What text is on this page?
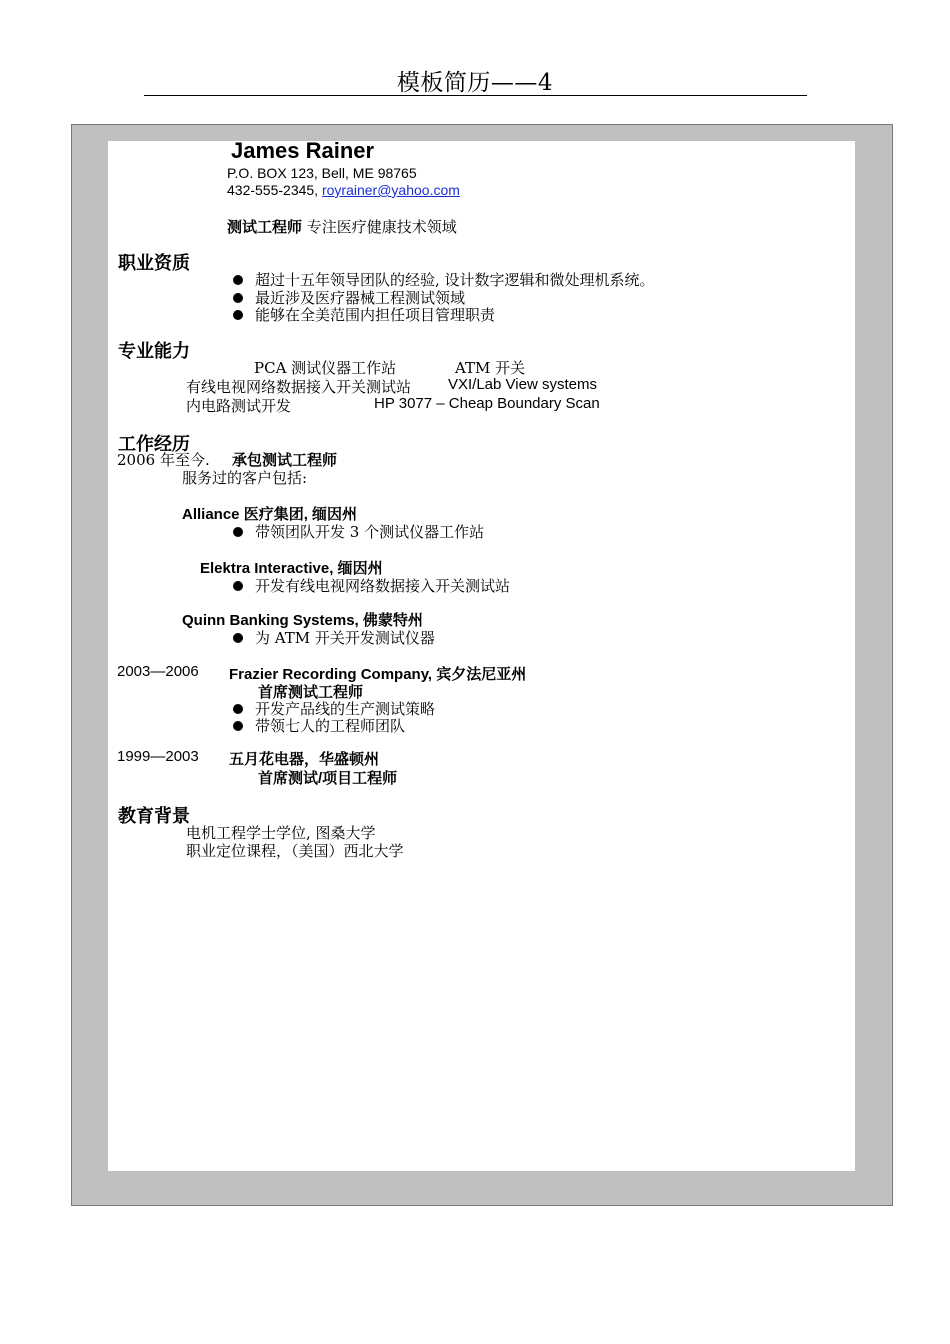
模板简历——4
James Rainer
P.O. BOX 123, Bell, ME 98765
432-555-2345, royrainer@yahoo.com
测试工程师 专注医疗健康技术领域
职业资质
超过十五年领导团队的经验, 设计数字逻辑和微处理机系统。
最近涉及医疗器械工程测试领域
能够在全美范围内担任项目管理职责
专业能力
PCA 测试仪器工作站	ATM 开关
有线电视网络数据接入开关测试站 VXI/Lab View systems
内电路测试开发	HP 3077 – Cheap Boundary Scan
工作经历
2006 年至今. 承包测试工程师
服务过的客户包括:
Alliance 医疗集团, 缅因州
带领团队开发 3 个测试仪器工作站
Elektra Interactive, 缅因州
开发有线电视网络数据接入开关测试站
Quinn Banking Systems, 佛蒙特州
为 ATM 开关开发测试仪器
2003—2006 Frazier Recording Company, 宾夕法尼亚州
首席测试工程师
开发产品线的生产测试策略
带领七人的工程师团队
1999—2003 五月花电器，华盛顿州
首席测试/项目工程师
教育背景
电机工程学士学位, 图桑大学
职业定位课程，（美国）西北大学
